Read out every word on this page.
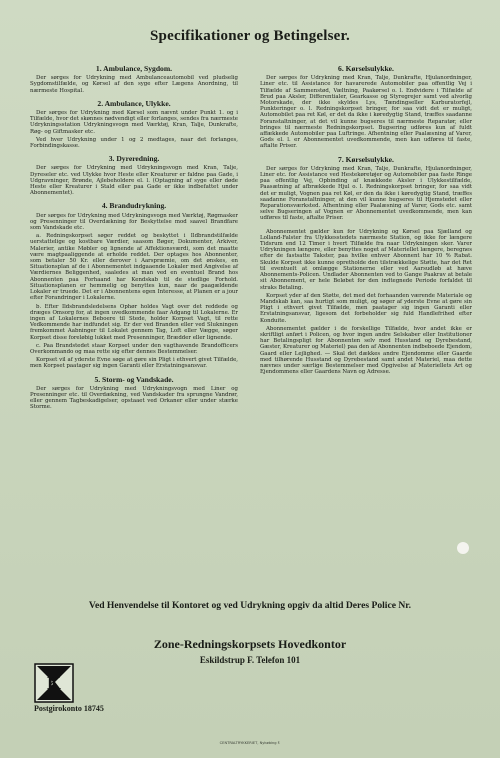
Specifikationer og Betingelser.
1. Ambulance, Sygdom.

Der sørges for Udrykning med Ambulanceautomobil ved pludselig Sygdomstilfælde, og Kørsel af den syge efter Lægens Anordning, til nærmeste Hospital.

2. Ambulance, Ulykke.

Der sørges for Udrykning med Kørsel som nævnt under Punkt 1. og i Tilfælde, hvor det skønnes nødvendigt eller forlanges, sendes fra nærmeste Udrykningsstation Udrykningsvogn med Værktøj, Kran, Talje, Dunkrafte, Røg- og Giftmasker etc.

Ved hver Udrykning under 1 og 2 medtages, naar det forlanges, Forbindingskasse.

3. Dyreredning.

Der sørges for Udrykning med Udrykningsvogn med Kran, Talje, Dyreseler etc. ved Ulykke hvor Heste eller Kreaturer er faldne paa Gade, i Udgravninger, Brønde, Ajlebeholdere el. l. (Optagning af syge eller døde Heste eller Kreaturer i Stald eller paa Gade er ikke indbefattet under Abonnementet).

4. Brandudrykning.

Der sørges for Udrykning med Udrykningsvogn med Værktøj, Røgmasker og Presenninger til Overdækning for Beskyttelse mod saavel Brandfare som Vandskade etc.

a. Redningskorpset søger reddet og beskyttet i Ildbrandstilfælde uerstattelige og kostbare Værdier, saasom Bøger, Dokumenter, Arkiver, Malerier, antike Møbler og lignende af Affektionsværdi, som det maatte være magtpaaliggende at erholde reddet. Der optages hos Abonnenter, som betaler 50 Kr. eller derover i Aarspræmie, om det ønskes, en Situationsplan af de i Abonnementet indgaaende Lokaler med Angivelse af Værdiernes Beliggenhed, saaledes at man ved en eventuel Brand hos Abonnenten paa Forhaand har Kendskab til de stedlige Forhold. Situationsplanen er hemmelig og benyttes kun, naar de paagældende Lokaler er truede. Det er i Abonnentens egen Interesse, at Planen er a jour efter Forandringer i Lokalerne.

b. Efter Ildsbrandsledelsens Ophør holdes Vagt over det reddede og dræges Omsorg for, at ingen uvedkommende faar Adgang til Lokalerne. Er ingen af Lokalernes Beboere til Stede, holder Korpset Vagt, til rette Vedkommende har indfundet sig. Er der ved Branden eller ved Slukningen fremkommet Aabninger til Lokalet gennem Tag, Loft eller Vægge, søger Korpset disse foreløbig lukket med Presenninger, Brædder eller lignende.

c. Paa Brandstedet staar Korpset under den vagthavende Brandofficers Overkommando og maa rette sig efter dennes Bestemmelser.

Korpset vil af yderste Evne søge at gøre sin Pligt i ethvert givet Tilfælde, men Korpset paatager sig ingen Garanti eller Erstatningsansvar.

5. Storm- og Vandskade.

Der sørges for Udrykning med Udrykningsvogn med Liner og Presenninger etc. til Overdækning, ved Vandskader fra sprungne Vandrør, eller gennem Tagbeskadigelser, opstaaet ved Orkaner eller under stærke Storme.

6. Kørselsulykke.

Der sørges for Udrykning med Kran, Talje, Dunkrafte, Hjulanordninger, Liner etc. til Assistance for havarerede Automobiler paa offentlig Vej i Tilfælde af Sammenstød, Væltning, Paakørsel o. l. Endvidere i Tilfælde af Brud paa Aksler, Differentialer, Gearkasse og Styregrejer samt ved alvorlig Motorskade, der ikke skyldes Lys, Tændingseller Karburatorfejl, Punkteringer o. l. Redningskorpset bringer, for saa vidt det er muligt, Automobilet paa ret Køl, er det da ikke i køredygtig Stand, træffes saadanne Foranstaltninger, at det vil kunne bugseres til nærmeste Reparatør, eller bringes til nærmeste Redningskorpset. Bugsering udføres kun af fuldt affækkede Automobiler paa Luftringe. Afhentning eller Paalæsning af Varer, Gods el. l. er Abonnementet uvedkommende, men kan udføres til faste, aftalte Priser.

7. Kørselsulykke.

Der sørges for Udrykning med Kran, Talje, Dunkrafte, Hjulanordninger, Liner etc. for Assistance ved Hestekøretøjer og Automobiler paa faste Ringe paa offentlig Vej, Opbinding af knækkede Aksler i Ulykkestilfælde, Paasætning af afbrækkede Hjul o. l. Redningskorpset bringer, for saa vidt det er muligt, Vognen paa ret Køl, er den da ikke i køredygtig Stand, træffes saadanne Foranstaltninger, at den vil kunne bugseres til Hjemstedet eller Reparationsværksted. Afhentning eller Paalæsning af Varer, Gods etc. samt selve Bugseringen af Vognen er Abonnementet uvedkommende, men kan udføres til faste, aftalte Priser.

Abonnementet gælder kun for Udrykning og Kørsel paa Sjælland og Lolland-Falster fra Ulykkesstedets nærmeste Station, og ikke for længere Tidsrum end 12 Timer i hvert Tilfælde fra naar Udrykningen sker. Varer Udrykningen længere, eller benyttes noget af Materiellet længere, beregnes efter de fastsatte Takster, paa hvilke enhver Abonnent har 10 % Rabat. Skulde Korpset ikke kunne opretholde den tilstrækkelige Støtte, har det Ret til eventuelt at omlægge Stationerne eller ved Aarsudløb at hæve Abonnements-Policen. Undlader Abonnenten ved to Gange Paakrav at betale sit Abonnement, er hele Beløbet for den indtegnede Periode forfaldet til straks Betaling.

Korpset yder af den Støtte, det med det forhaanden værende Materiale og Mandskab kan, saa hurtigt som muligt, og søger af yderste Evne at gøre sin Pligt i ethvert givet Tilfælde, men paatager sig ingen Garanti eller Erstatningsansvar, ligesom det forbeholder sig fuld Handlefrihed efter Konduite.

Abonnementet gælder i de forskellige Tilfælde, hvor andet ikke er skriftligt anført i Policen, og hvor ingen andre Selskaber eller Institutioner har Betalingspligt for Abonnenten selv med Husstand og Dyrebestand, Gæster, Kreaturer og Materiel) paa den af Abonnenten indbeboede Ejendom, Gaard eller Lejlighed. — Skal det dækkes andre Ejendomme eller Gaarde med tilhørende Husstand og Dyrebestand samt andet Materiel, maa dette nævnes under særlige Bestemmelser med Opgivelse af Materiellets Art og Ejendommens eller Gaardens Navn og Adresse.

Ved Henvendelse til Kontoret og ved Udrykning opgiv da altid Deres Police Nr.
Zone-Redningskorpsets Hovedkontor
Eskildstrup F. Telefon 101
K
Postgirokonto 18745
CENTRALTRYKKERIET, Nykøbing F.
